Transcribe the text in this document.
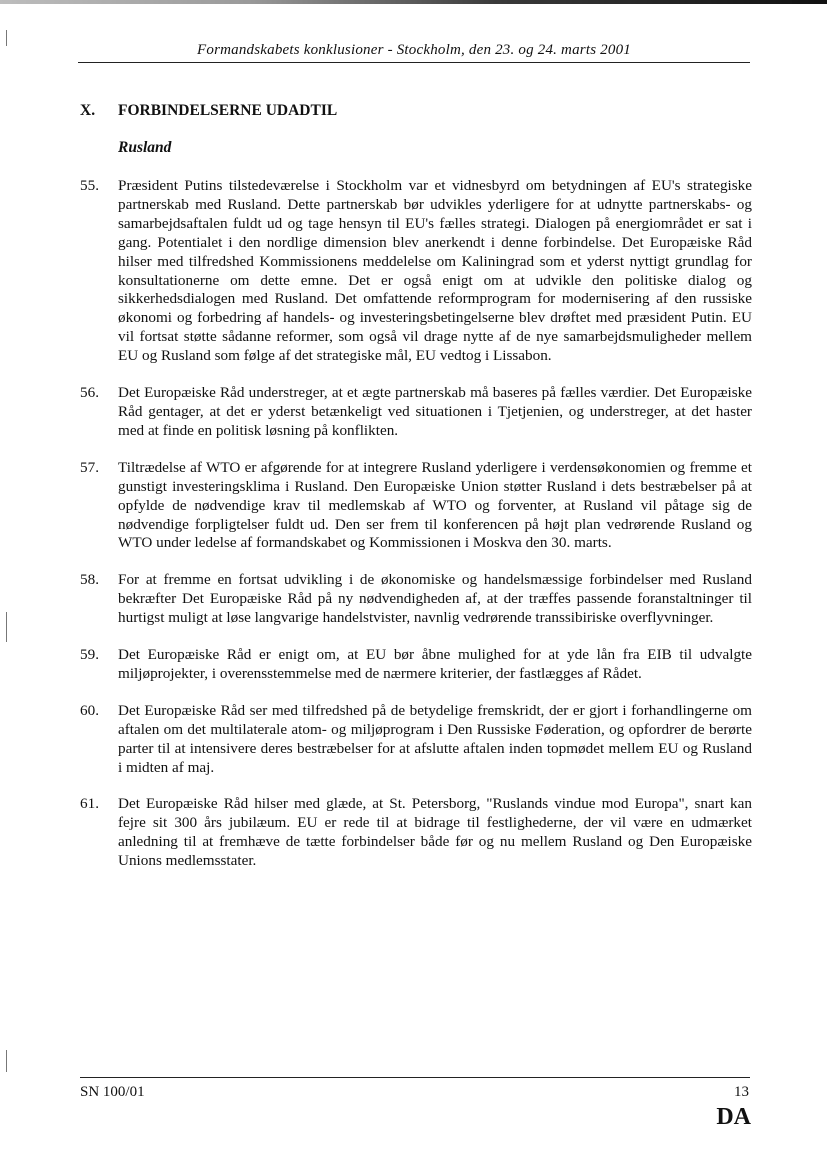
Formandskabets konklusioner - Stockholm, den 23. og 24. marts 2001
X. FORBINDELSERNE UDADTIL
Rusland
55.	Præsident Putins tilstedeværelse i Stockholm var et vidnesbyrd om betydningen af EU's strategiske partnerskab med Rusland. Dette partnerskab bør udvikles yderligere for at udnytte partnerskabs- og samarbejdsaftalen fuldt ud og tage hensyn til EU's fælles strategi. Dialogen på energiområdet er sat i gang. Potentialet i den nordlige dimension blev anerkendt i denne forbindelse. Det Europæiske Råd hilser med tilfredshed Kommissionens meddelelse om Kaliningrad som et yderst nyttigt grundlag for konsultationerne om dette emne. Det er også enigt om at udvikle den politiske dialog og sikkerhedsdialogen med Rusland. Det omfattende reformprogram for modernisering af den russiske økonomi og forbedring af handels- og investeringsbetingelserne blev drøftet med præsident Putin. EU vil fortsat støtte sådanne reformer, som også vil drage nytte af de nye samarbejdsmuligheder mellem EU og Rusland som følge af det strategiske mål, EU vedtog i Lissabon.
56.	Det Europæiske Råd understreger, at et ægte partnerskab må baseres på fælles værdier. Det Europæiske Råd gentager, at det er yderst betænkeligt ved situationen i Tjetjenien, og understreger, at det haster med at finde en politisk løsning på konflikten.
57.	Tiltrædelse af WTO er afgørende for at integrere Rusland yderligere i verdensøkonomien og fremme et gunstigt investeringsklima i Rusland. Den Europæiske Union støtter Rusland i dets bestræbelser på at opfylde de nødvendige krav til medlemskab af WTO og forventer, at Rusland vil påtage sig de nødvendige forpligtelser fuldt ud. Den ser frem til konferencen på højt plan vedrørende Rusland og WTO under ledelse af formandskabet og Kommissionen i Moskva den 30. marts.
58.	For at fremme en fortsat udvikling i de økonomiske og handelsmæssige forbindelser med Rusland bekræfter Det Europæiske Råd på ny nødvendigheden af, at der træffes passende foranstaltninger til hurtigst muligt at løse langvarige handelstvister, navnlig vedrørende transsibiriske overflyvninger.
59.	Det Europæiske Råd er enigt om, at EU bør åbne mulighed for at yde lån fra EIB til udvalgte miljøprojekter, i overensstemmelse med de nærmere kriterier, der fastlægges af Rådet.
60.	Det Europæiske Råd ser med tilfredshed på de betydelige fremskridt, der er gjort i forhandlingerne om aftalen om det multilaterale atom- og miljøprogram i Den Russiske Føderation, og opfordrer de berørte parter til at intensivere deres bestræbelser for at afslutte aftalen inden topmødet mellem EU og Rusland i midten af maj.
61.	Det Europæiske Råd hilser med glæde, at St. Petersborg, "Ruslands vindue mod Europa", snart kan fejre sit 300 års jubilæum. EU er rede til at bidrage til festlighederne, der vil være en udmærket anledning til at fremhæve de tætte forbindelser både før og nu mellem Rusland og Den Europæiske Unions medlemsstater.
SN 100/01	13
DA
